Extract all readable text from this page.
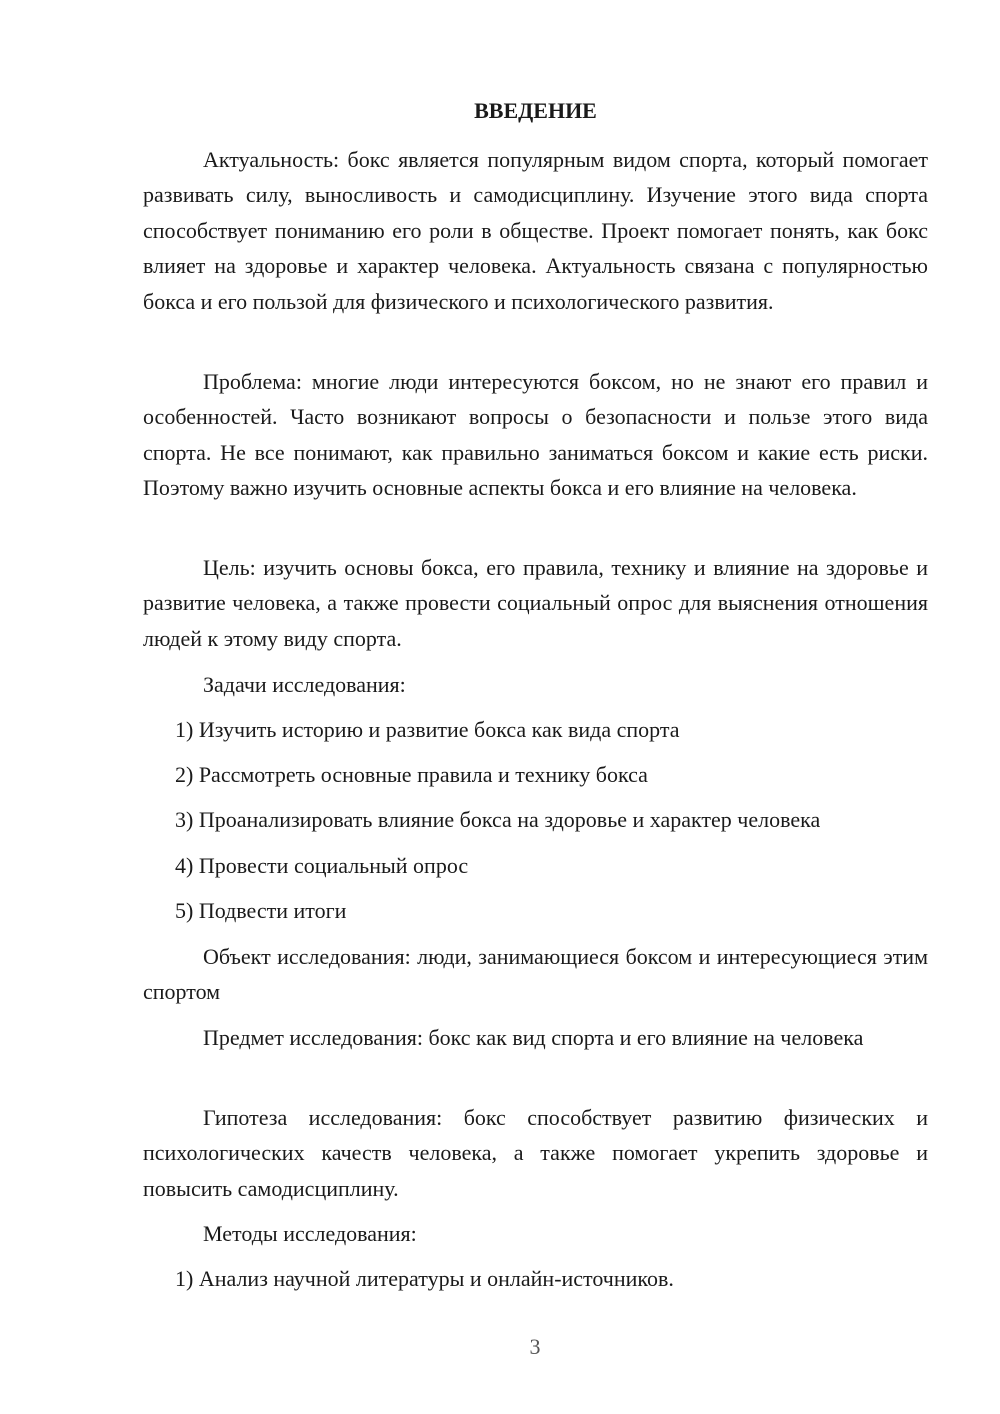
ВВЕДЕНИЕ
Актуальность: бокс является популярным видом спорта, который помогает развивать силу, выносливость и самодисциплину. Изучение этого вида спорта способствует пониманию его роли в обществе. Проект помогает понять, как бокс влияет на здоровье и характер человека. Актуальность связана с популярностью бокса и его пользой для физического и психологического развития.
Проблема: многие люди интересуются боксом, но не знают его правил и особенностей. Часто возникают вопросы о безопасности и пользе этого вида спорта. Не все понимают, как правильно заниматься боксом и какие есть риски. Поэтому важно изучить основные аспекты бокса и его влияние на человека.
Цель: изучить основы бокса, его правила, технику и влияние на здоровье и развитие человека, а также провести социальный опрос для выяснения отношения людей к этому виду спорта.
Задачи исследования:
1) Изучить историю и развитие бокса как вида спорта
2) Рассмотреть основные правила и технику бокса
3) Проанализировать влияние бокса на здоровье и характер человека
4) Провести социальный опрос
5) Подвести итоги
Объект исследования: люди, занимающиеся боксом и интересующиеся этим спортом
Предмет исследования: бокс как вид спорта и его влияние на человека
Гипотеза исследования: бокс способствует развитию физических и психологических качеств человека, а также помогает укрепить здоровье и повысить самодисциплину.
Методы исследования:
1) Анализ научной литературы и онлайн-источников.
3
